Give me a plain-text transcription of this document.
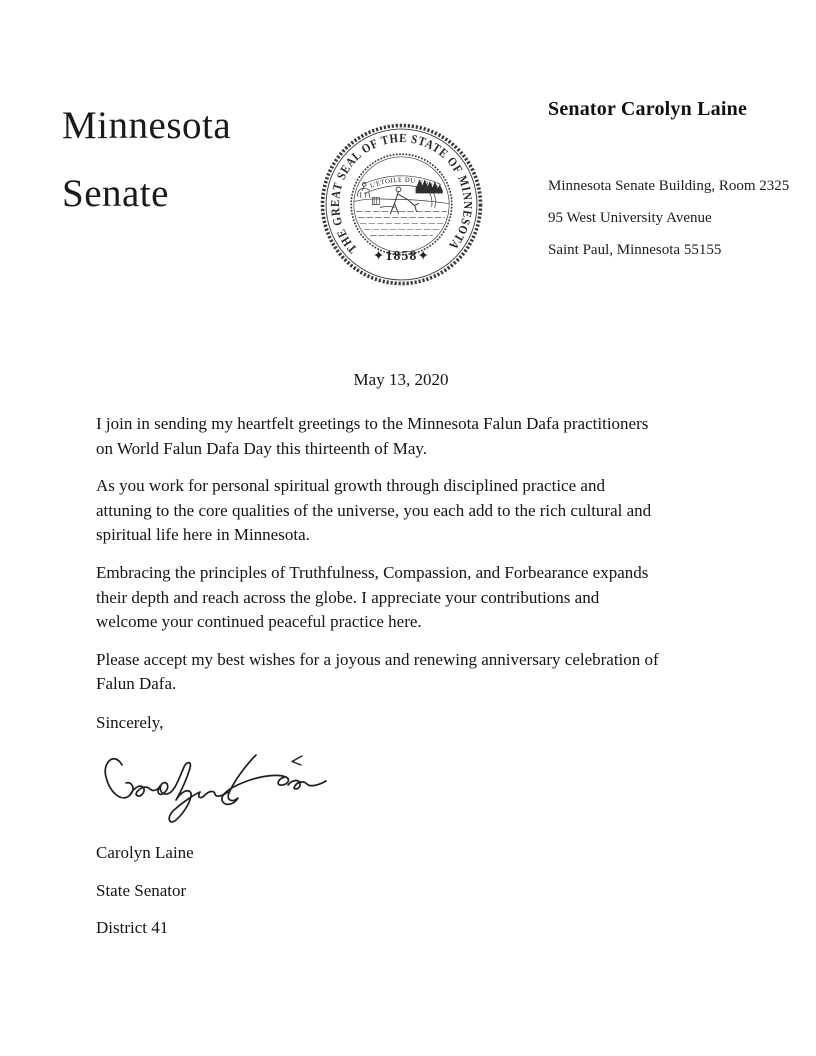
Minnesota
Senate
THE GREAT SEAL OF THE STATE OF MINNESOTA
✦1858✦
L'ETOILE DU NORD
Senator Carolyn Laine
Minnesota Senate Building, Room 2325
95 West University Avenue
Saint Paul, Minnesota 55155
May 13, 2020

I join in sending my heartfelt greetings to the Minnesota Falun Dafa practitioners
on World Falun Dafa Day this thirteenth of May.

As you work for personal spiritual growth through disciplined practice and
attuning to the core qualities of the universe, you each add to the rich cultural and
spiritual life here in Minnesota.

Embracing the principles of Truthfulness, Compassion, and Forbearance expands
their depth and reach across the globe. I appreciate your contributions and
welcome your continued peaceful practice here.

Please accept my best wishes for a joyous and renewing anniversary celebration of
Falun Dafa.

Sincerely,

Carolyn Laine
State Senator
District 41
